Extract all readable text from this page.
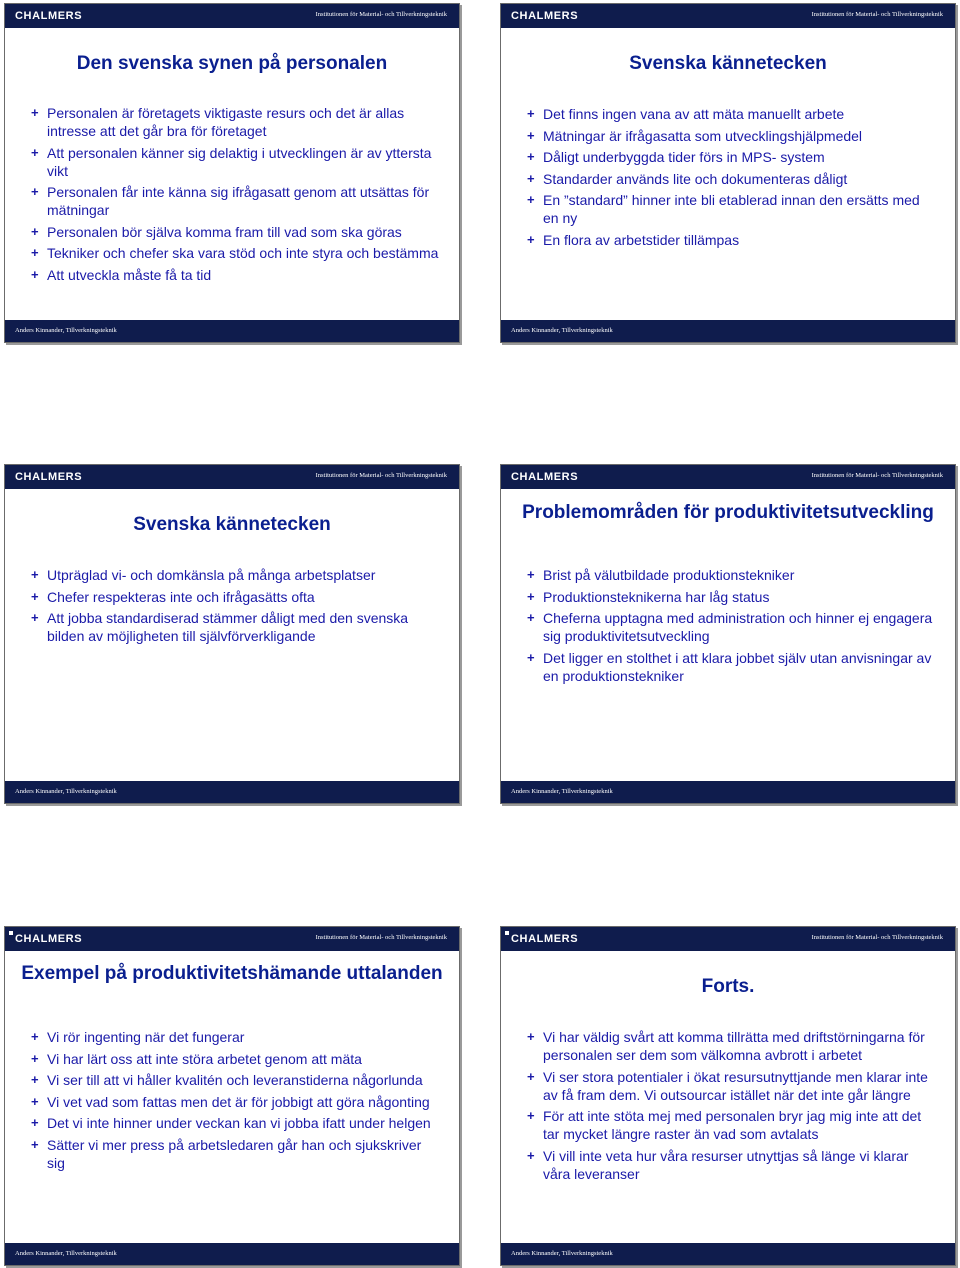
CHALMERS	Institutionen för Material- och Tillverkningsteknik
Den svenska synen på personalen
+ Personalen är företagets viktigaste resurs och det är allas intresse att det går bra för företaget
+ Att personalen känner sig delaktig i utvecklingen är av yttersta vikt
+ Personalen får inte känna sig ifrågasatt genom att utsättas för mätningar
+ Personalen bör själva komma fram till vad som ska göras
+ Tekniker och chefer ska vara stöd och inte styra och bestämma
+ Att utveckla måste få ta tid
Anders Kinnander, Tillverkningsteknik
CHALMERS	Institutionen för Material- och Tillverkningsteknik
Svenska kännetecken
+ Det finns ingen vana av att mäta manuellt arbete
+ Mätningar är ifrågasatta som utvecklingshjälpmedel
+ Dåligt underbyggda tider förs in MPS- system
+ Standarder används lite och dokumenteras dåligt
+ En ”standard” hinner inte bli etablerad innan den ersätts med en ny
+ En flora av arbetstider tillämpas
Anders Kinnander, Tillverkningsteknik
CHALMERS	Institutionen för Material- och Tillverkningsteknik
Svenska kännetecken
+ Utpräglad vi- och domkänsla på många arbetsplatser
+ Chefer respekteras inte och ifrågasätts ofta
+ Att jobba standardiserad stämmer dåligt med den svenska bilden av möjligheten till självförverkligande
Anders Kinnander, Tillverkningsteknik
CHALMERS	Institutionen för Material- och Tillverkningsteknik
Problemområden för produktivitetsutveckling
+ Brist på välutbildade produktionstekniker
+ Produktionsteknikerna har låg status
+ Cheferna upptagna med administration och hinner ej engagera sig produktivitetsutveckling
+ Det ligger en stolthet i att klara jobbet själv utan anvisningar av en produktionstekniker
Anders Kinnander, Tillverkningsteknik
CHALMERS	Institutionen för Material- och Tillverkningsteknik
Exempel på produktivitetshämande uttalanden
+ Vi rör ingenting när det fungerar
+ Vi har lärt oss att inte störa arbetet genom att mäta
+ Vi ser till att vi håller kvalitén och leveranstiderna någorlunda
+ Vi vet vad som fattas men det är för jobbigt att göra någonting
+ Det vi inte hinner under veckan kan vi jobba ifatt under helgen
+ Sätter vi mer press på arbetsledaren går han och sjukskriver sig
Anders Kinnander, Tillverkningsteknik
CHALMERS	Institutionen för Material- och Tillverkningsteknik
Forts.
+ Vi har väldig svårt att komma tillrätta med driftstörningarna för personalen ser dem som välkomna avbrott i arbetet
+ Vi ser stora potentialer i ökat resursutnyttjande men klarar inte av få fram dem. Vi outsourcar istället när det inte går längre
+ För att inte stöta mej med personalen bryr jag mig inte att det tar mycket längre raster än vad som avtalats
+ Vi vill inte veta hur våra resurser utnyttjas så länge vi klarar våra leveranser
Anders Kinnander, Tillverkningsteknik
